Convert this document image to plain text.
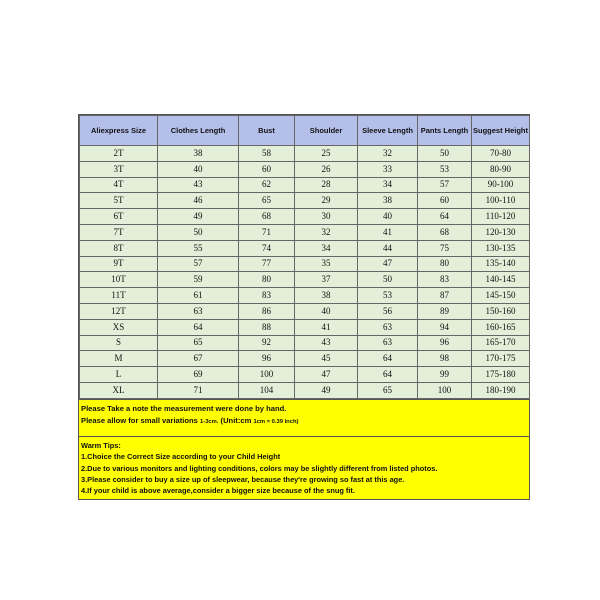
Aliexpress Size	Clothes Length	Bust	Shoulder	Sleeve Length	Pants Length	Suggest Height
2T	38	58	25	32	50	70-80
3T	40	60	26	33	53	80-90
4T	43	62	28	34	57	90-100
5T	46	65	29	38	60	100-110
6T	49	68	30	40	64	110-120
7T	50	71	32	41	68	120-130
8T	55	74	34	44	75	130-135
9T	57	77	35	47	80	135-140
10T	59	80	37	50	83	140-145
11T	61	83	38	53	87	145-150
12T	63	86	40	56	89	150-160
XS	64	88	41	63	94	160-165
S	65	92	43	63	96	165-170
M	67	96	45	64	98	170-175
L	69	100	47	64	99	175-180
XL	71	104	49	65	100	180-190

Please Take a note the measurement were done by hand.

Please allow for small variations 1-3cm. (Unit:cm 1cm = 0.39 inch)

Warm Tips:

1.Choice the Correct Size according to your Child Height

2.Due to various monitors and lighting conditions, colors may be slightly different from listed photos.

3.Please consider to buy a size up of sleepwear, because they're growing so fast at this age.

4.If your child is above average,consider a bigger size because of the snug fit.
